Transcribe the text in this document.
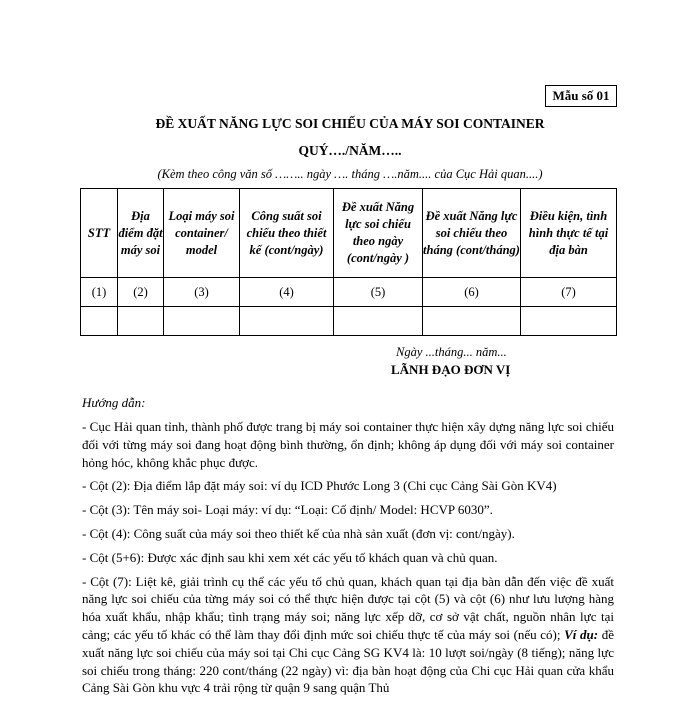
Mẫu số 01
ĐỀ XUẤT NĂNG LỰC SOI CHIẾU CỦA MÁY SOI CONTAINER
QUÝ…./NĂM…..
(Kèm theo công văn số …….. ngày …. tháng ….năm.... của Cục Hải quan....)
STT	Địa điểm đặt máy soi	Loại máy soi container/ model	Công suất soi chiếu theo thiết kế (cont/ngày)	Đề xuất Năng lực soi chiếu theo ngày (cont/ngày )	Đề xuất Năng lực soi chiếu theo tháng (cont/tháng)	Điều kiện, tình hình thực tế tại địa bàn
(1)	(2)	(3)	(4)	(5)	(6)	(7)

Ngày ...tháng... năm...
LÃNH ĐẠO ĐƠN VỊ
Hướng dẫn:

- Cục Hải quan tỉnh, thành phố được trang bị máy soi container thực hiện xây dựng năng lực soi chiếu đối với từng máy soi đang hoạt động bình thường, ổn định; không áp dụng đối với máy soi container hỏng hóc, không khắc phục được.

- Cột (2): Địa điểm lắp đặt máy soi: ví dụ ICD Phước Long 3 (Chi cục Cảng Sài Gòn KV4)

- Cột (3): Tên máy soi- Loại máy: ví dụ: “Loại: Cố định/ Model: HCVP 6030”.

- Cột (4): Công suất của máy soi theo thiết kế của nhà sản xuất (đơn vị: cont/ngày).

- Cột (5+6): Được xác định sau khi xem xét các yếu tố khách quan và chủ quan.

- Cột (7): Liệt kê, giải trình cụ thể các yếu tố chủ quan, khách quan tại địa bàn dẫn đến việc đề xuất năng lực soi chiếu của từng máy soi có thể thực hiện được tại cột (5) và cột (6) như lưu lượng hàng hóa xuất khẩu, nhập khẩu; tình trạng máy soi; năng lực xếp dỡ, cơ sở vật chất, nguồn nhân lực tại cảng; các yếu tố khác có thể làm thay đổi định mức soi chiếu thực tế của máy soi (nếu có); Ví dụ: đề xuất năng lực soi chiếu của máy soi tại Chi cục Cảng SG KV4 là: 10 lượt soi/ngày (8 tiếng); năng lực soi chiếu trong tháng: 220 cont/tháng (22 ngày) vì: địa bàn hoạt động của Chi cục Hải quan cửa khẩu Cảng Sài Gòn khu vực 4 trải rộng từ quận 9 sang quận Thủ
